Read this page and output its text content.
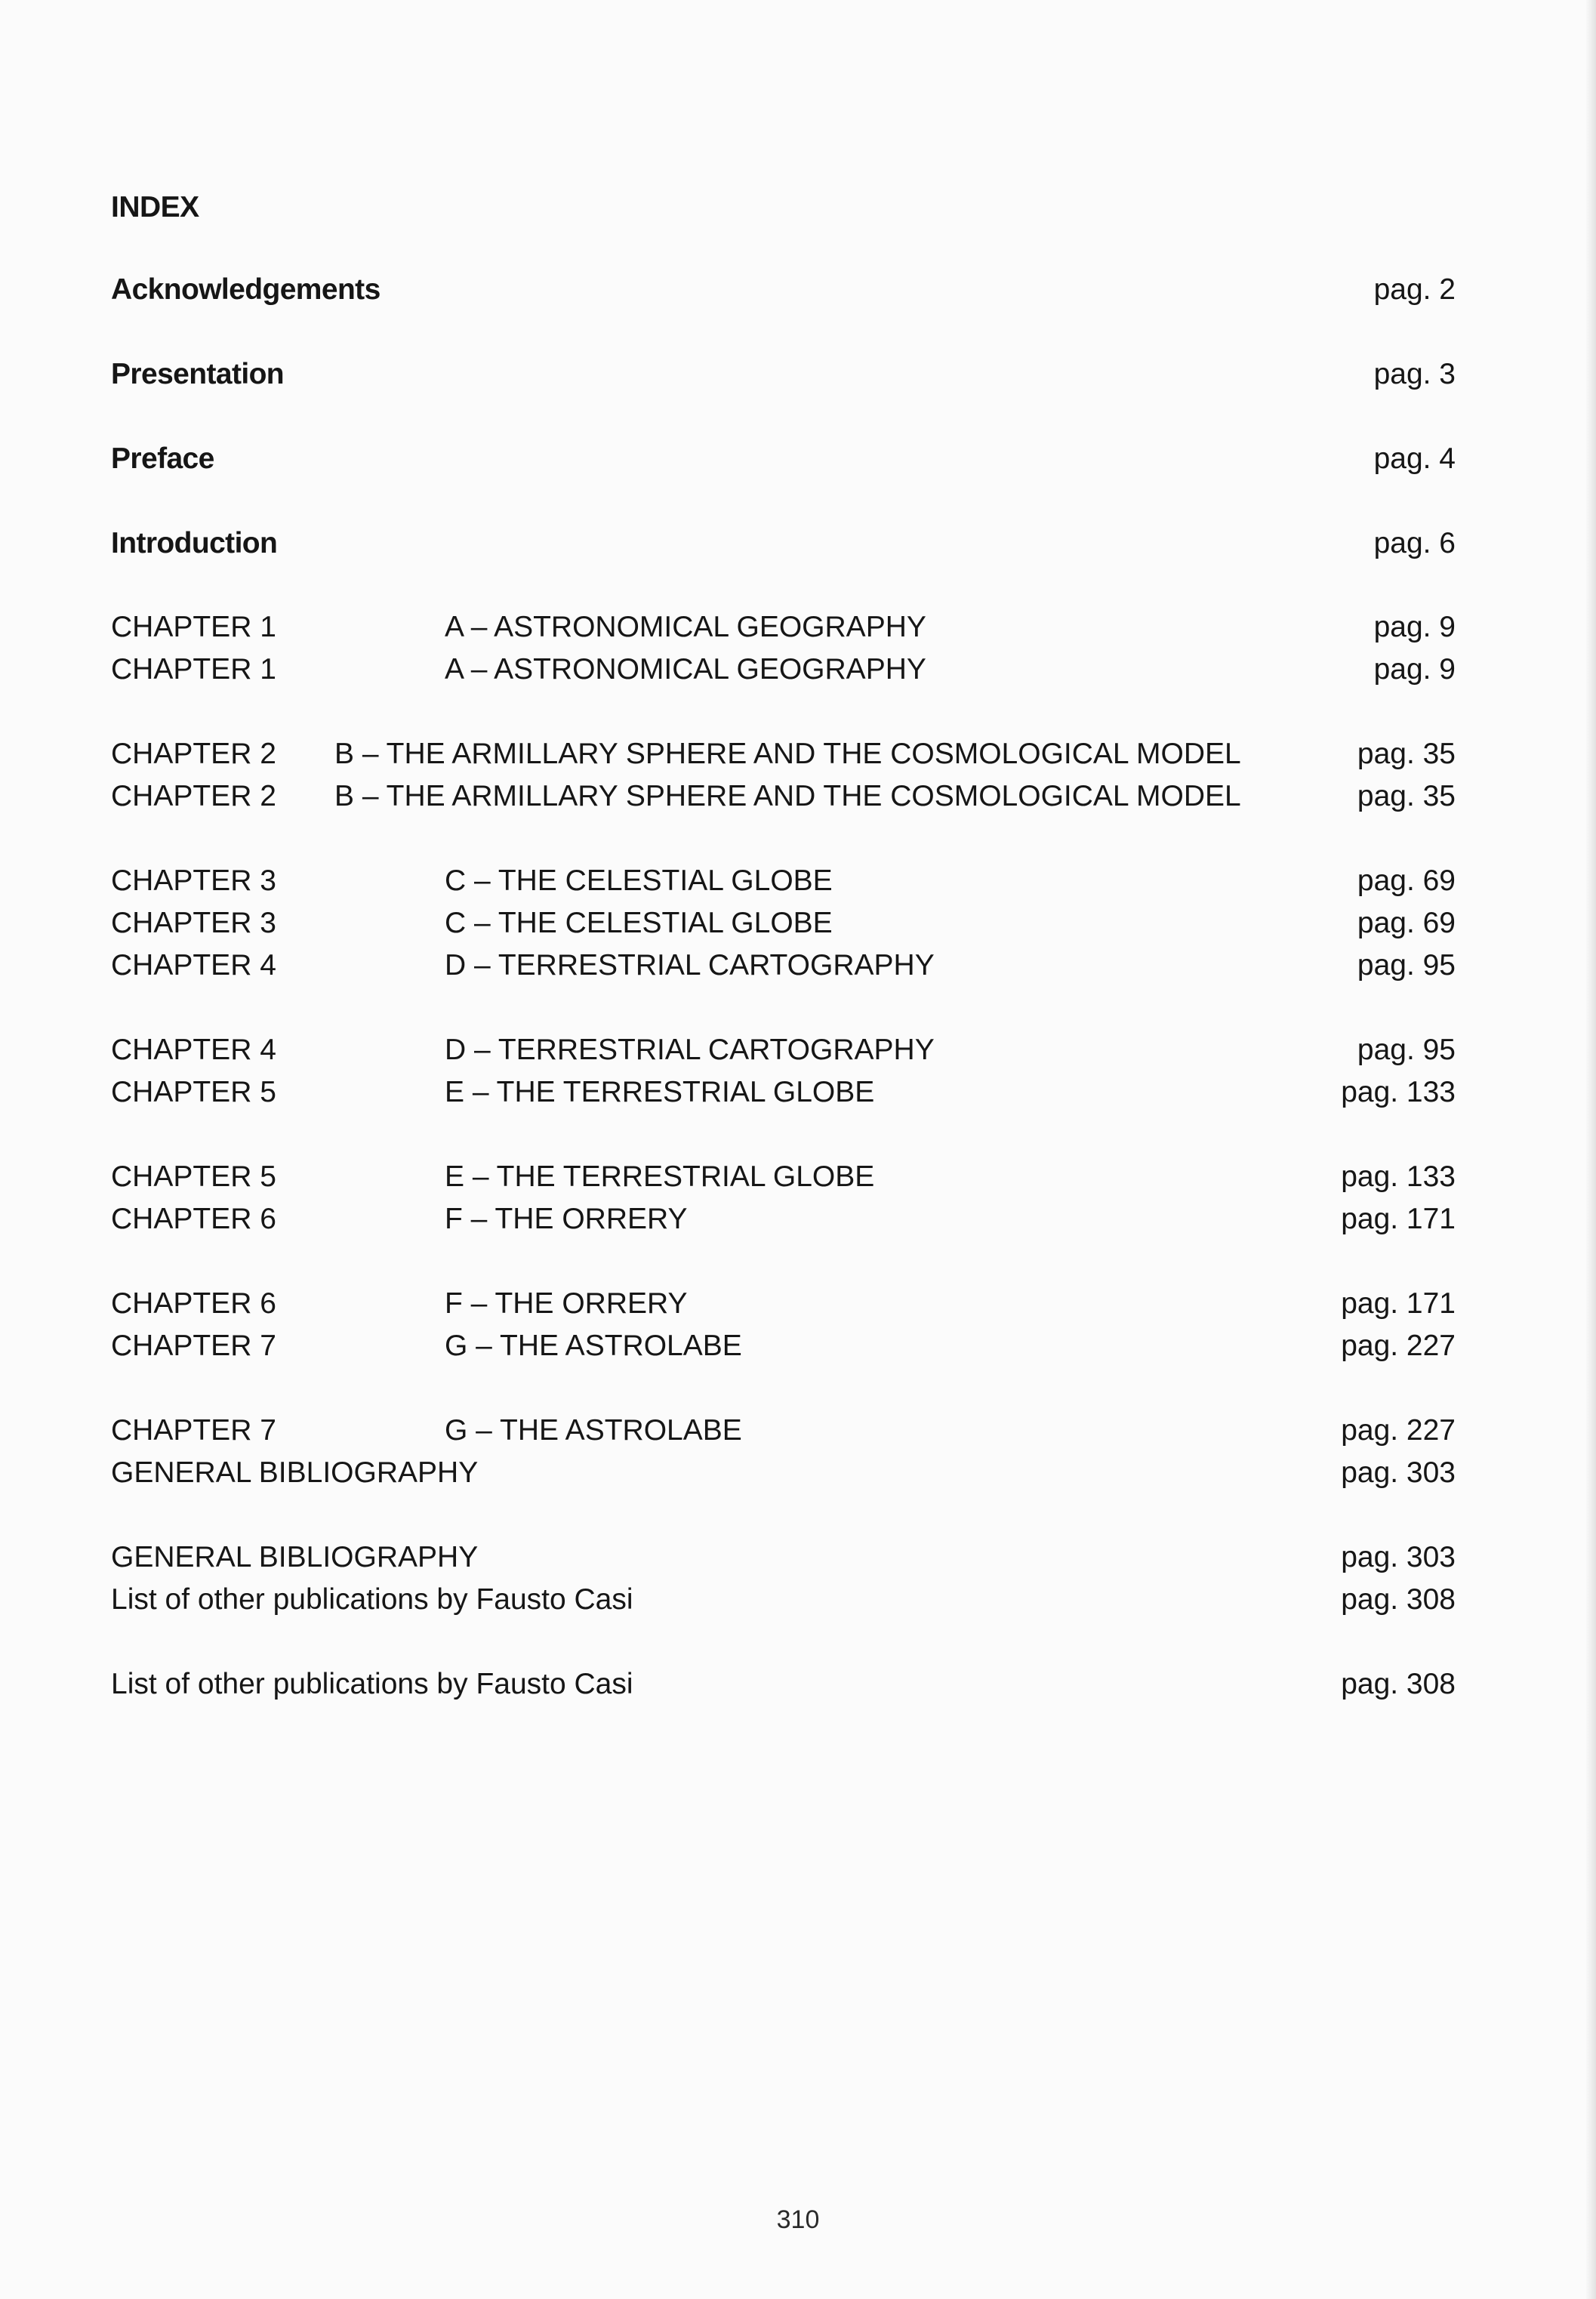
INDEX
Acknowledgements	pag. 2
Presentation	pag. 3
Preface	pag. 4
Introduction	pag. 6
CHAPTER 1	A – ASTRONOMICAL GEOGRAPHY	pag. 9
CHAPTER 1	A – ASTRONOMICAL GEOGRAPHY	pag. 9
CHAPTER 2 B – THE ARMILLARY SPHERE AND THE COSMOLOGICAL MODEL	pag. 35
CHAPTER 2 B – THE ARMILLARY SPHERE AND THE COSMOLOGICAL MODEL	pag. 35
CHAPTER 3	C – THE CELESTIAL GLOBE	pag. 69
CHAPTER 3	C – THE CELESTIAL GLOBE	pag. 69
CHAPTER 4	D – TERRESTRIAL CARTOGRAPHY	pag. 95
CHAPTER 4	D – TERRESTRIAL CARTOGRAPHY	pag. 95
CHAPTER 5	E – THE TERRESTRIAL GLOBE	pag. 133
CHAPTER 5	E – THE TERRESTRIAL GLOBE	pag. 133
CHAPTER 6	F – THE ORRERY	pag. 171
CHAPTER 6	F – THE ORRERY	pag. 171
CHAPTER 7	G – THE ASTROLABE	pag. 227
CHAPTER 7	G – THE ASTROLABE	pag. 227
GENERAL BIBLIOGRAPHY	pag. 303
GENERAL BIBLIOGRAPHY	pag. 303
List of other publications by Fausto Casi	pag. 308
List of other publications by Fausto Casi	pag. 308
310
